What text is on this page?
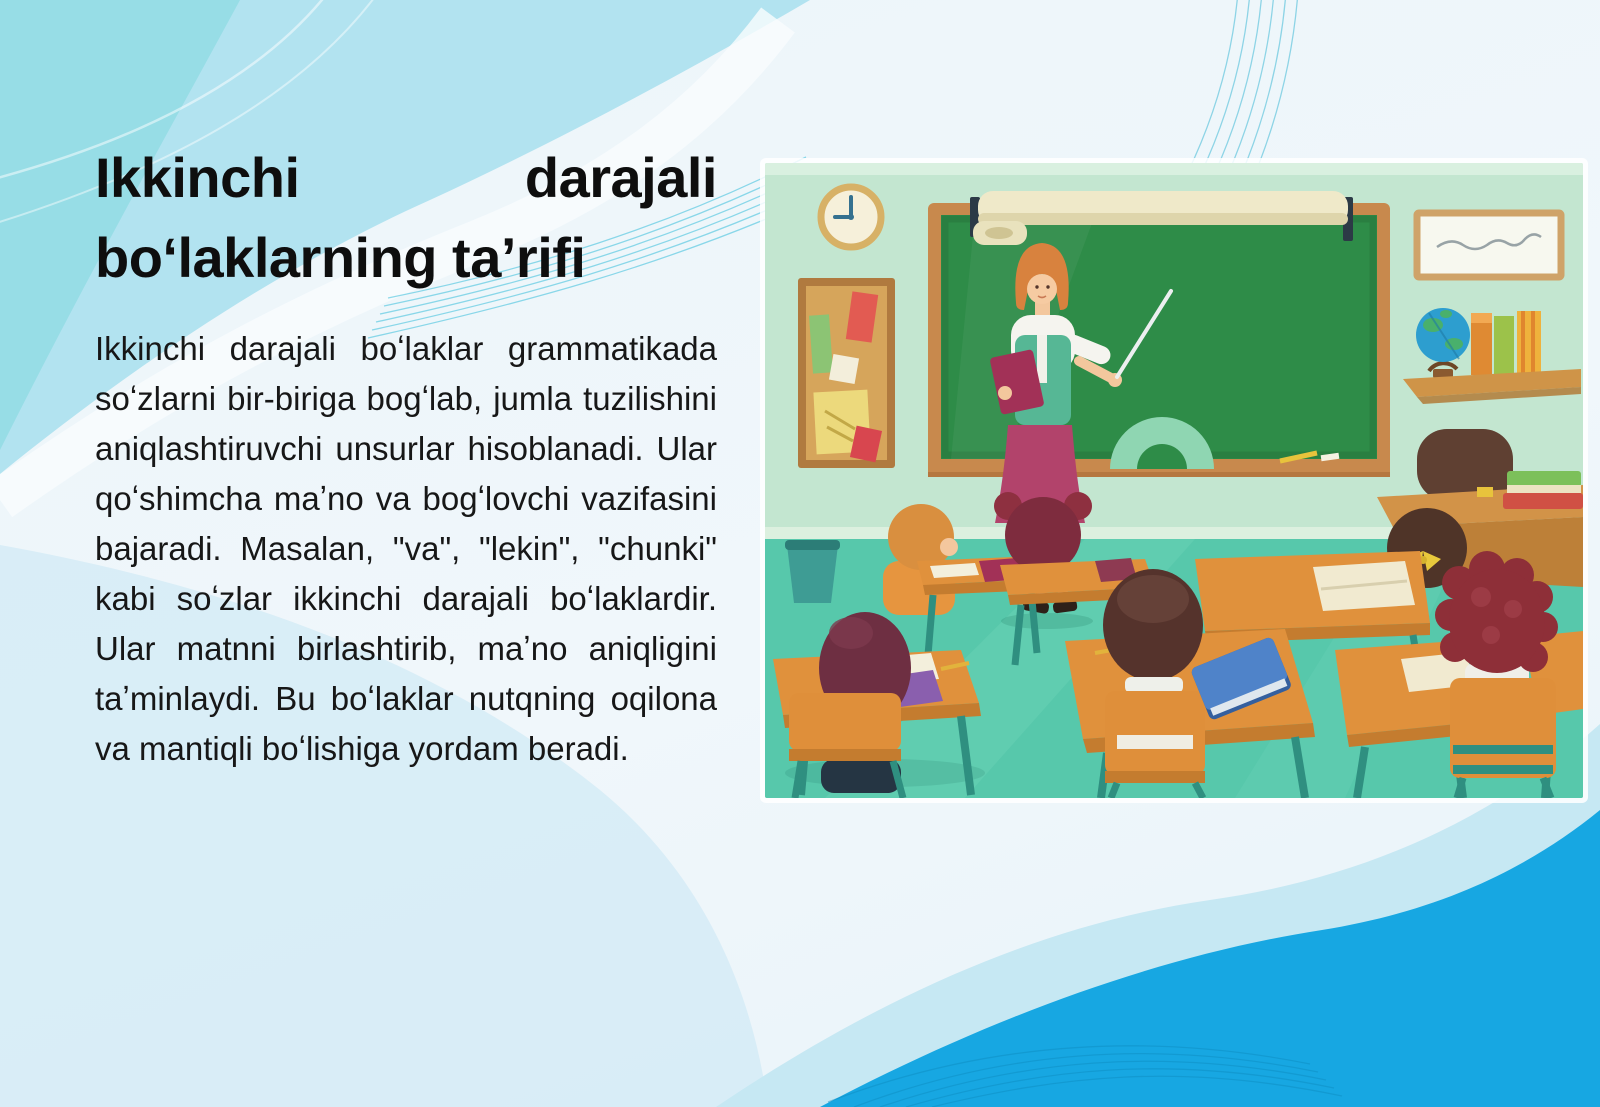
Ikkinchi darajali boʻlaklarning taʼrifi
Ikkinchi darajali boʻlaklar grammatikada soʻzlarni bir-biriga bogʻlab, jumla tuzilishini aniqlashtiruvchi unsurlar hisoblanadi. Ular qoʻshimcha maʼno va bogʻlovchi vazifasini bajaradi. Masalan, "va", "lekin", "chunki" kabi soʻzlar ikkinchi darajali boʻlaklardir. Ular matnni birlashtirib, maʼno aniqligini taʼminlaydi. Bu boʻlaklar nutqning oqilona va mantiqli boʻlishiga yordam beradi.
